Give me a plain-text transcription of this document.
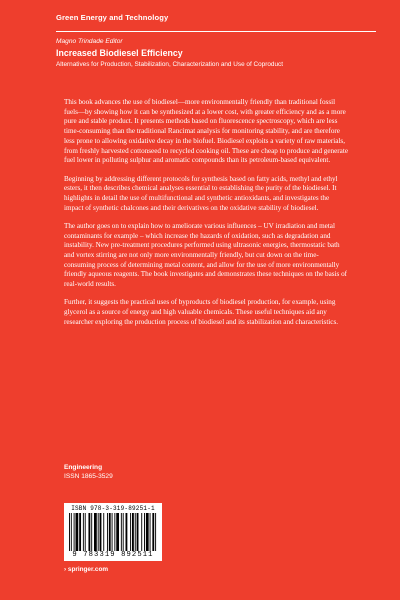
Green Energy and Technology
Magno Trindade Editor
Increased Biodiesel Efficiency
Alternatives for Production, Stabilization, Characterization and Use of Coproduct

This book advances the use of biodiesel—more environmentally friendly than traditional fossil fuels—by showing how it can be synthesized at a lower cost, with greater efficiency and as a more pure and stable product. It presents methods based on fluorescence spectroscopy, which are less time-consuming than the traditional Rancimat analysis for monitoring stability, and are therefore less prone to allowing oxidative decay in the biofuel. Biodiesel exploits a variety of raw materials, from freshly harvested cottonseed to recycled cooking oil. These are cheap to produce and generate fuel lower in polluting sulphur and aromatic compounds than its petroleum-based equivalent.

Beginning by addressing different protocols for synthesis based on fatty acids, methyl and ethyl esters, it then describes chemical analyses essential to establishing the purity of the biodiesel. It highlights in detail the use of multifunctional and synthetic antioxidants, and investigates the impact of synthetic chalcones and their derivatives on the oxidative stability of biodiesel.

The author goes on to explain how to ameliorate various influences – UV irradiation and metal contaminants for example – which increase the hazards of oxidation, such as degradation and instability. New pre-treatment procedures performed using ultrasonic energies, thermostatic bath and vortex stirring are not only more environmentally friendly, but cut down on the time-consuming process of determining metal content, and allow for the use of more environmentally friendly aqueous reagents. The book investigates and demonstrates these techniques on the basis of real-world results.

Further, it suggests the practical uses of byproducts of biodiesel production, for example, using glycerol as a source of energy and high valuable chemicals. These useful techniques aid any researcher exploring the production process of biodiesel and its stabilization and characteristics.

Engineering
ISSN 1865-3529
ISBN 978-3-319-89251-1
9 783319 892511
› springer.com
